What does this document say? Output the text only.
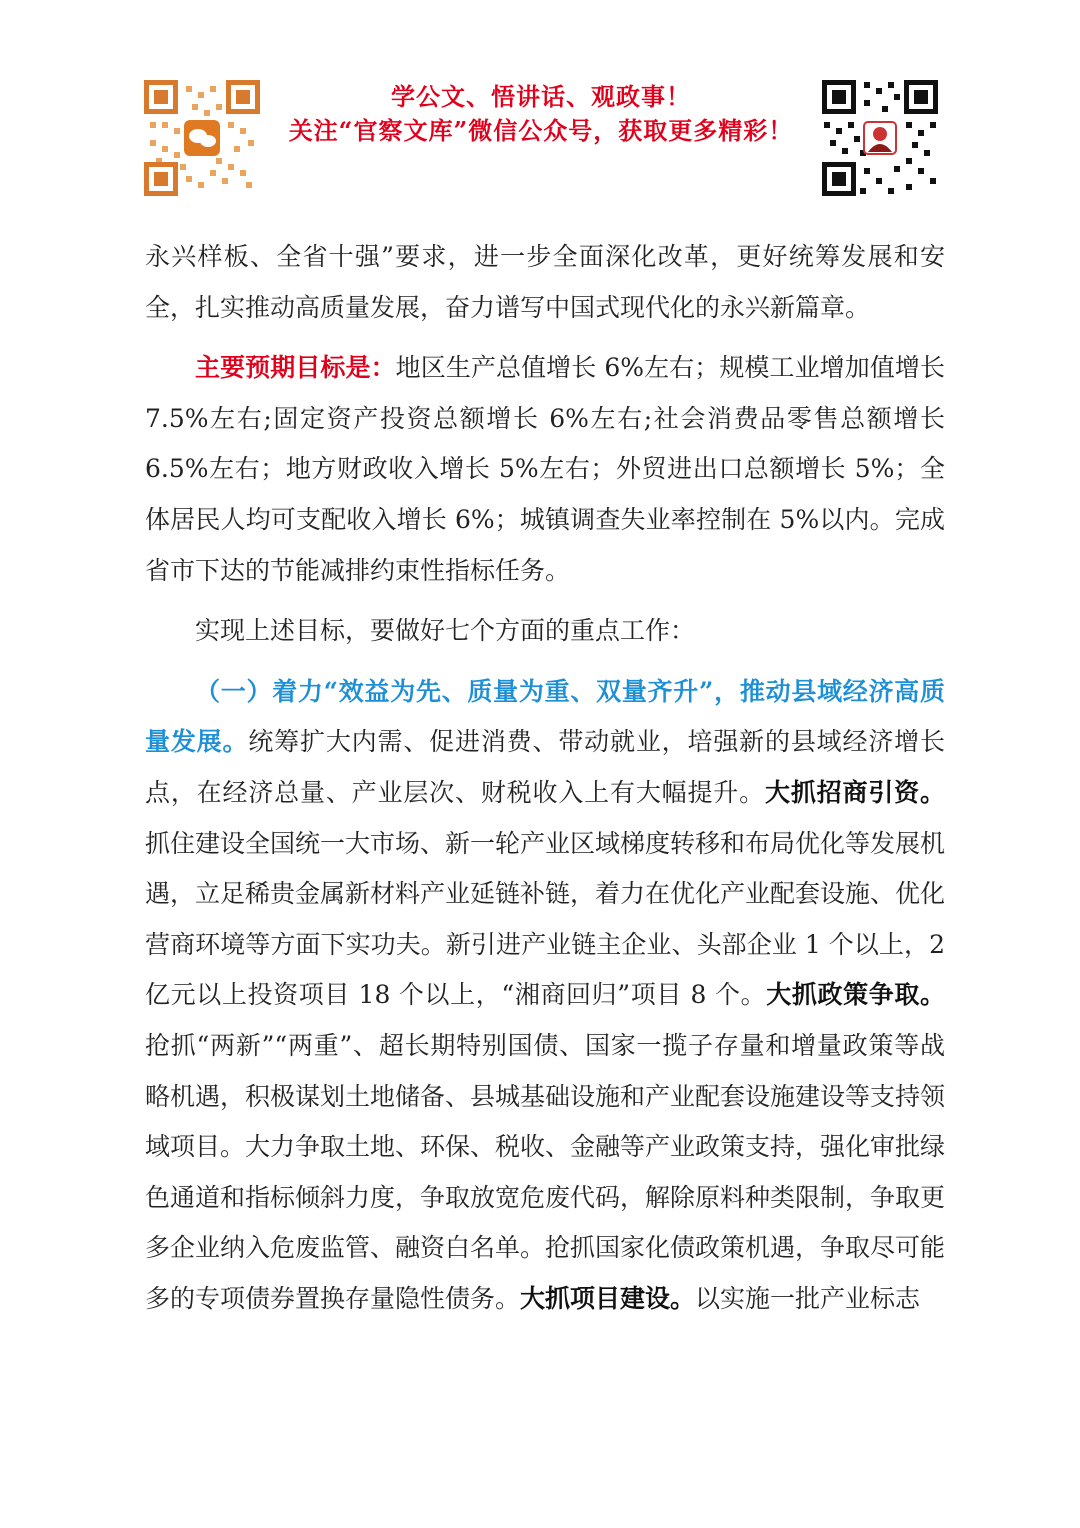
学公文、悟讲话、观政事！
关注“官察文库”微信公众号，获取更多精彩！

永兴样板、全省十强”要求，进一步全面深化改革，更好统筹发展和安全，扎实推动高质量发展，奋力谱写中国式现代化的永兴新篇章。

主要预期目标是：地区生产总值增长 6%左右；规模工业增加值增长 7.5%左右;固定资产投资总额增长 6%左右;社会消费品零售总额增长 6.5%左右；地方财政收入增长 5%左右；外贸进出口总额增长 5%；全体居民人均可支配收入增长 6%；城镇调查失业率控制在 5%以内。完成省市下达的节能减排约束性指标任务。

实现上述目标，要做好七个方面的重点工作：

（一）着力“效益为先、质量为重、双量齐升”，推动县域经济高质量发展。统筹扩大内需、促进消费、带动就业，培强新的县域经济增长点，在经济总量、产业层次、财税收入上有大幅提升。大抓招商引资。抓住建设全国统一大市场、新一轮产业区域梯度转移和布局优化等发展机遇，立足稀贵金属新材料产业延链补链，着力在优化产业配套设施、优化营商环境等方面下实功夫。新引进产业链主企业、头部企业 1 个以上，2 亿元以上投资项目 18 个以上，“湘商回归”项目 8 个。大抓政策争取。抢抓“两新”“两重”、超长期特别国债、国家一揽子存量和增量政策等战略机遇，积极谋划土地储备、县城基础设施和产业配套设施建设等支持领域项目。大力争取土地、环保、税收、金融等产业政策支持，强化审批绿色通道和指标倾斜力度，争取放宽危废代码，解除原料种类限制，争取更多企业纳入危废监管、融资白名单。抢抓国家化债政策机遇，争取尽可能多的专项债券置换存量隐性债务。大抓项目建设。以实施一批产业标志
